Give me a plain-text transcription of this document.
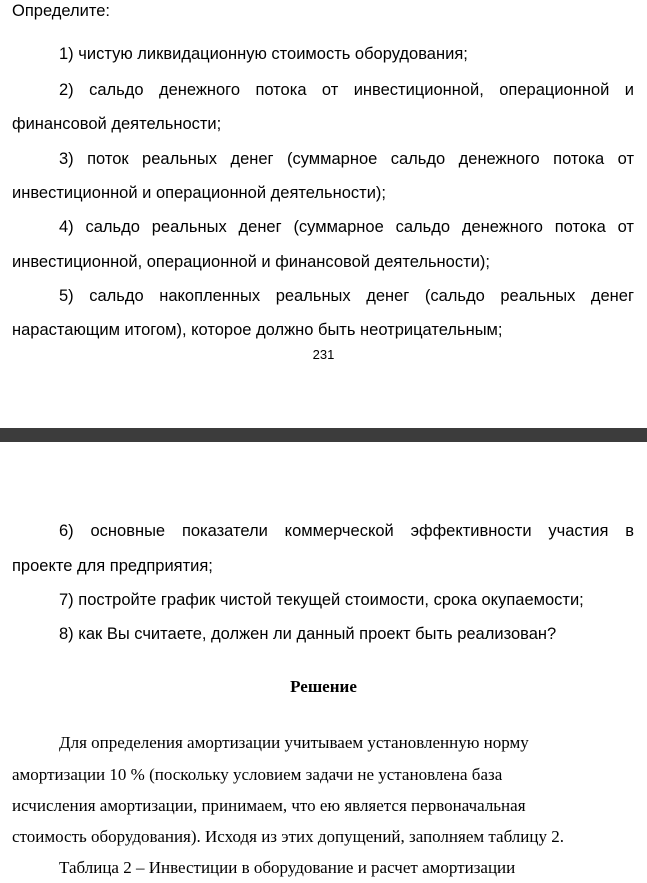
Определите:
1) чистую ликвидационную стоимость оборудования;
2) сальдо денежного потока от инвестиционной, операционной и
финансовой деятельности;
3) поток реальных денег (суммарное сальдо денежного потока от
инвестиционной и операционной деятельности);
4) сальдо реальных денег (суммарное сальдо денежного потока от
инвестиционной, операционной и финансовой деятельности);
5) сальдо накопленных реальных денег (сальдо реальных денег
нарастающим итогом), которое должно быть неотрицательным;
231
6) основные показатели коммерческой эффективности участия в
проекте для предприятия;
7) постройте график чистой текущей стоимости, срока окупаемости;
8) как Вы считаете, должен ли данный проект быть реализован?
Решение
Для определения амортизации учитываем установленную норму
амортизации 10 % (поскольку условием задачи не установлена база
исчисления амортизации, принимаем, что ею является первоначальная
стоимость оборудования). Исходя из этих допущений, заполняем таблицу 2.
Таблица 2 – Инвестиции в оборудование и расчет амортизации
